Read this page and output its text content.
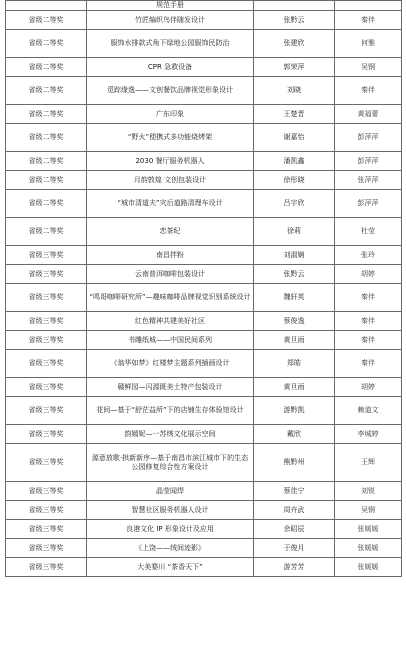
	规范手册		
省级二等奖	竹匠编织鸟伴随发设计	张黔云	秦伴
省级二等奖	服饰水排款式角下绿地公园服饰民防治	张建欣	何雅
省级二等奖	CPR 急救设备	郭荣萍	吴钢
省级二等奖	觅踪缘逸——文创餐饮品牌视觉形象设计	刘晓	秦伴
省级二等奖	广东印象	王楚晋	黄福蕾
省级二等奖	“野火”便携式多功能烧烤架	谢嘉怡	彭萍萍
省级二等奖	2030 餐厅服务机器人	潘凯鑫	彭萍萍
省级二等奖	月韵敦煌 文创包装设计	徐彤晓	张萍萍
省级二等奖	“城市清道夫”灾后道路清理车设计	吕宇欣	彭萍萍
省级二等奖	恋茶纪	徐莉	杜莹
省级三等奖	南昌拌粉	刘淑娴	张玲
省级三等奖	云南普洱咖啡包装设计	张黔云	胡婷
省级三等奖	“鸣哥咖啡研究所”—趣味咖啡品牌视觉识别系统设计	魏轩英	秦伴
省级三等奖	红色精神共建美好社区	蔡俊逸	秦伴
省级三等奖	书雕纸城——中国民间系列	黄旦雨	秦伴
省级三等奖	《翁华如梦》红楼梦主题系列插画设计	郑皓	秦伴
省级三等奖	赣鲜园—闪源既美土特产包装设计	黄旦雨	胡婷
省级三等奖	花间—基于“舒茫益所”下的店铺生存体验馆设计	游黔凯	赖道文
省级三等奖	韵嫣妮—一苏绣文化展示空间	戴欣	李城婷
省级三等奖	源意放歌·拱新新序—基于南昌市滨江城市下的生态公园修复综合性方案设计	熊黔州	王辉
省级三等奖	晶莹闻焊	蔡佳宁	刘锐
省级三等奖	智慧社区服务机器人设计	周卉武	吴钢
省级三等奖	良港文化 IP 形象设计及应用	余昭辰	张媛媛
省级三等奖	《上饶——绒间迹影》	于俊月	张媛媛
省级三等奖	大美婺川 “茶香天下”	游芳芳	张媛媛
